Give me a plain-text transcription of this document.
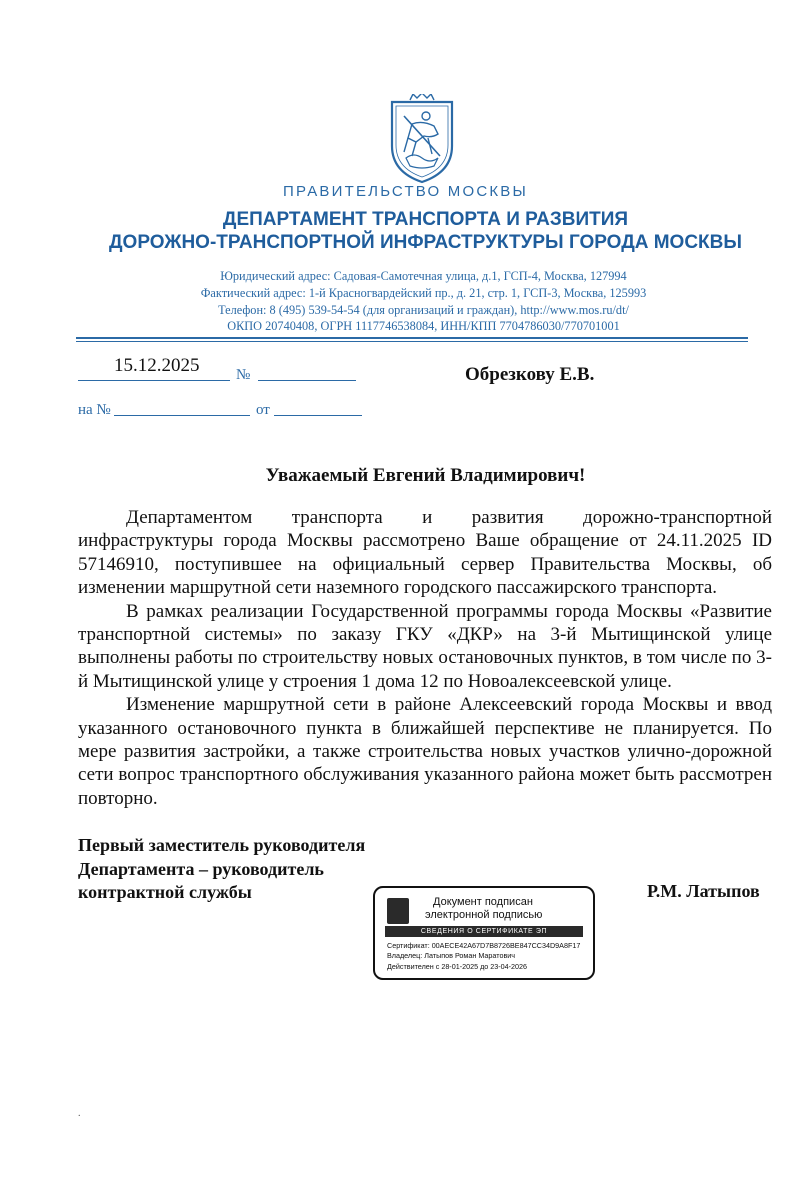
ПРАВИТЕЛЬСТВО МОСКВЫ
ДЕПАРТАМЕНТ ТРАНСПОРТА И РАЗВИТИЯ
ДОРОЖНО-ТРАНСПОРТНОЙ ИНФРАСТРУКТУРЫ ГОРОДА МОСКВЫ
Юридический адрес: Садовая-Самотечная улица, д.1, ГСП-4, Москва, 127994
Фактический адрес: 1-й Красногвардейский пр., д. 21, стр. 1, ГСП-3, Москва, 125993
Телефон: 8 (495) 539-54-54 (для организаций и граждан), http://www.mos.ru/dt/
ОКПО 20740408, ОГРН 1117746538084, ИНН/КПП 7704786030/770701001
15.12.2025 №
на №	от
Обрезкову Е.В.
Уважаемый Евгений Владимирович!

Департаментом транспорта и развития дорожно-транспортной инфраструктуры города Москвы рассмотрено Ваше обращение от 24.11.2025 ID 57146910, поступившее на официальный сервер Правительства Москвы, об изменении маршрутной сети наземного городского пассажирского транспорта.

В рамках реализации Государственной программы города Москвы «Развитие транспортной системы» по заказу ГКУ «ДКР» на 3-й Мытищинской улице выполнены работы по строительству новых остановочных пунктов, в том числе по 3-й Мытищинской улице у строения 1 дома 12 по Новоалексеевской улице.

Изменение маршрутной сети в районе Алексеевский города Москвы и ввод указанного остановочного пункта в ближайшей перспективе не планируется. По мере развития застройки, а также строительства новых участков улично-дорожной сети вопрос транспортного обслуживания указанного района может быть рассмотрен повторно.

Первый заместитель руководителя
Департамента – руководитель
контрактной службы	Р.М. Латыпов
Документ подписан
электронной подписью
СВЕДЕНИЯ О СЕРТИФИКАТЕ ЭП
Сертификат: 00AECE42A67D7B8726BE847CC34D9A8F17
Владелец: Латыпов Роман Маратович
Действителен с 28-01-2025 до 23-04-2026
.
